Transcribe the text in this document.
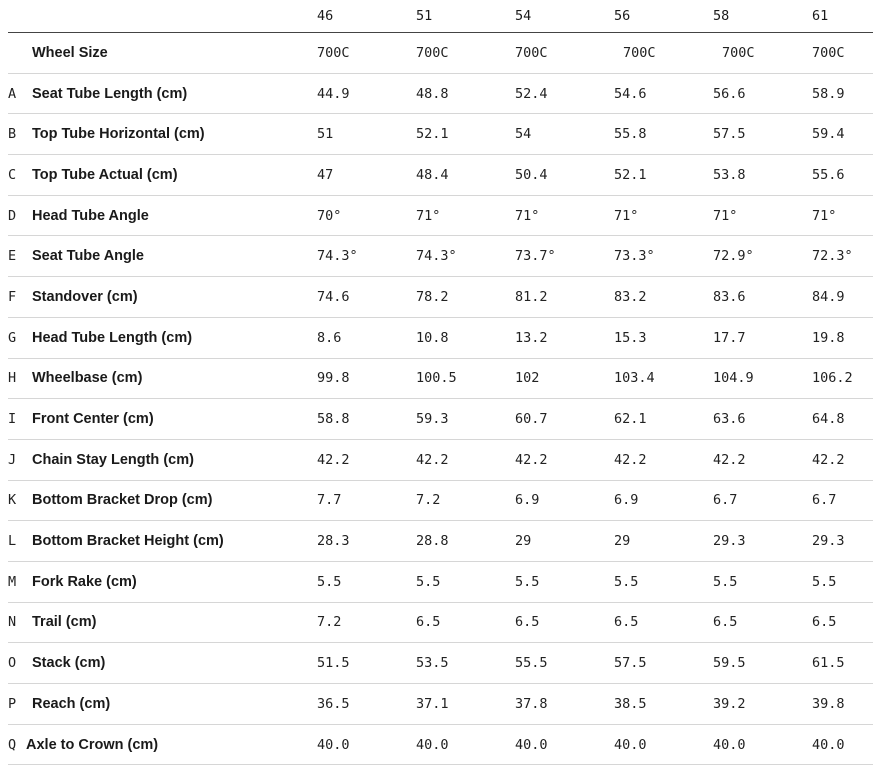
		46	51	54	56	58	61
	Wheel Size	700C	700C	700C	700C	700C	700C
A	Seat Tube Length (cm)	44.9	48.8	52.4	54.6	56.6	58.9
B	Top Tube Horizontal (cm)	51	52.1	54	55.8	57.5	59.4
C	Top Tube Actual (cm)	47	48.4	50.4	52.1	53.8	55.6
D	Head Tube Angle	70°	71°	71°	71°	71°	71°
E	Seat Tube Angle	74.3°	74.3°	73.7°	73.3°	72.9°	72.3°
F	Standover (cm)	74.6	78.2	81.2	83.2	83.6	84.9
G	Head Tube Length (cm)	8.6	10.8	13.2	15.3	17.7	19.8
H	Wheelbase (cm)	99.8	100.5	102	103.4	104.9	106.2
I	Front Center (cm)	58.8	59.3	60.7	62.1	63.6	64.8
J	Chain Stay Length (cm)	42.2	42.2	42.2	42.2	42.2	42.2
K	Bottom Bracket Drop (cm)	7.7	7.2	6.9	6.9	6.7	6.7
L	Bottom Bracket Height (cm)	28.3	28.8	29	29	29.3	29.3
M	Fork Rake (cm)	5.5	5.5	5.5	5.5	5.5	5.5
N	Trail (cm)	7.2	6.5	6.5	6.5	6.5	6.5
O	Stack (cm)	51.5	53.5	55.5	57.5	59.5	61.5
P	Reach (cm)	36.5	37.1	37.8	38.5	39.2	39.8
Q	Axle to Crown (cm)	40.0	40.0	40.0	40.0	40.0	40.0
